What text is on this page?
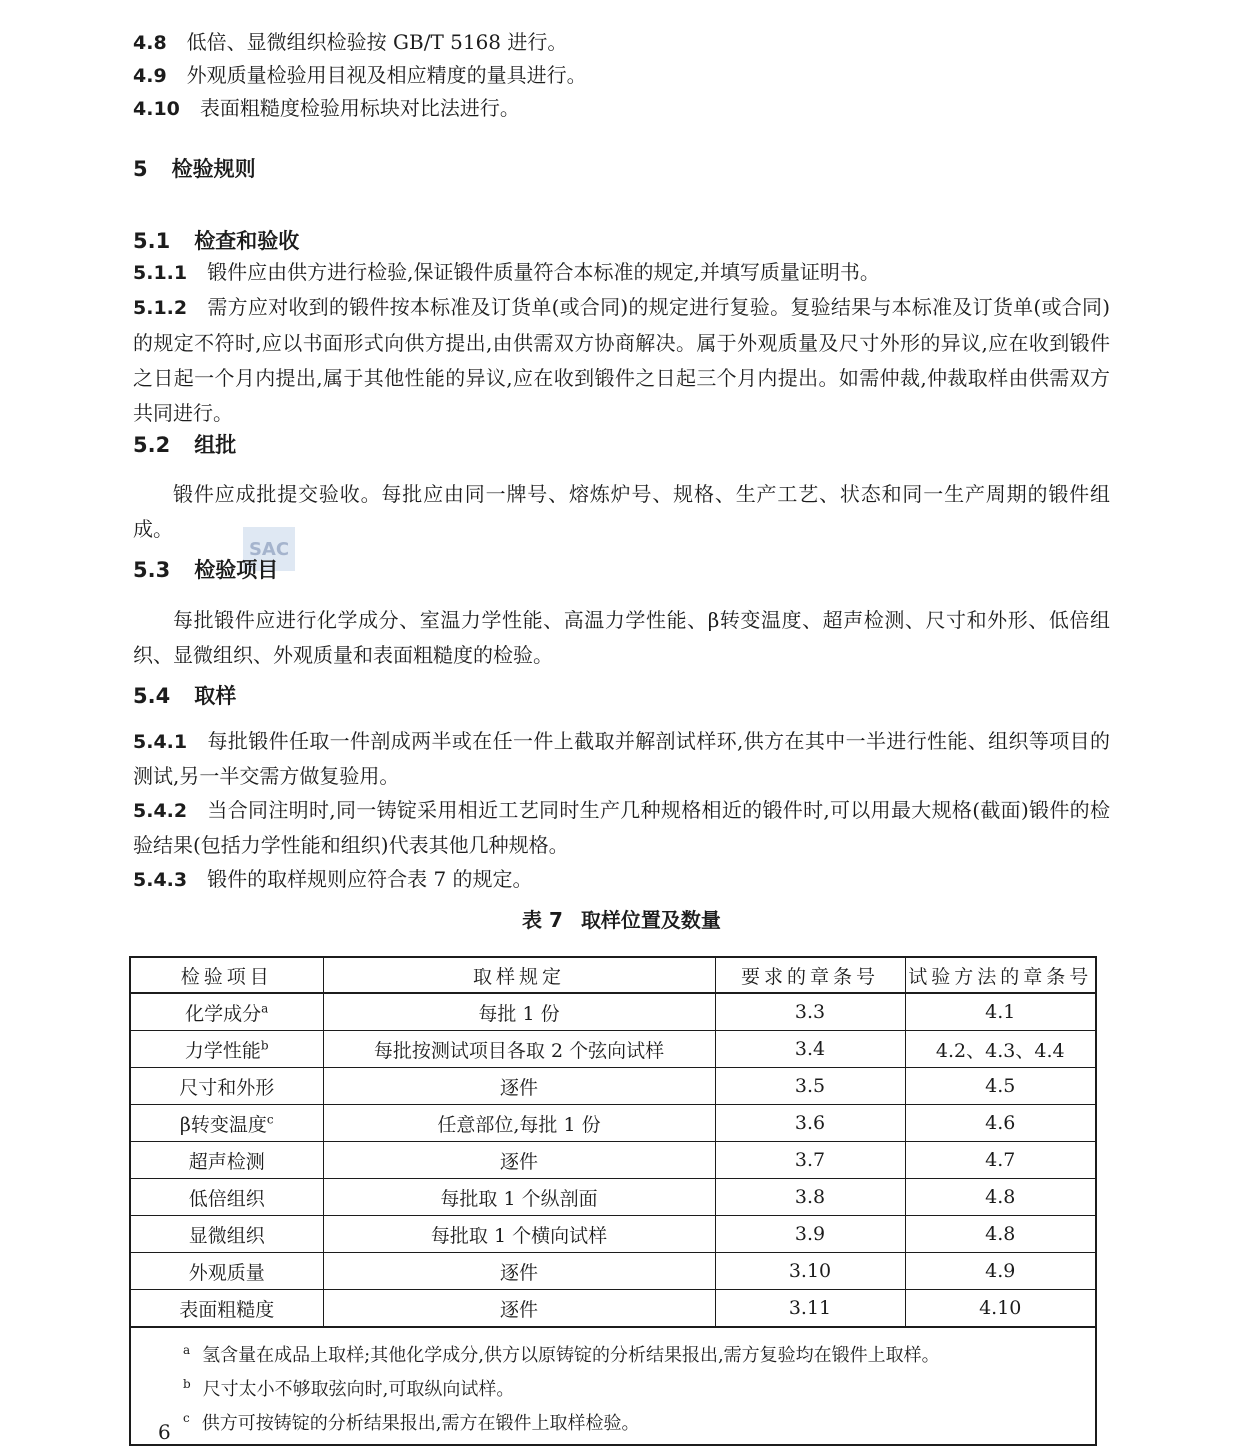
SAC
4.8 低倍、显微组织检验按 GB/T 5168 进行。
4.9 外观质量检验用目视及相应精度的量具进行。
4.10 表面粗糙度检验用标块对比法进行。
5 检验规则
5.1 检查和验收
5.1.1 锻件应由供方进行检验,保证锻件质量符合本标准的规定,并填写质量证明书。
5.1.2 需方应对收到的锻件按本标准及订货单(或合同)的规定进行复验。复验结果与本标准及订货单(或合同)的规定不符时,应以书面形式向供方提出,由供需双方协商解决。属于外观质量及尺寸外形的异议,应在收到锻件之日起一个月内提出,属于其他性能的异议,应在收到锻件之日起三个月内提出。如需仲裁,仲裁取样由供需双方共同进行。
5.2 组批
锻件应成批提交验收。每批应由同一牌号、熔炼炉号、规格、生产工艺、状态和同一生产周期的锻件组成。
5.3 检验项目
每批锻件应进行化学成分、室温力学性能、高温力学性能、β转变温度、超声检测、尺寸和外形、低倍组织、显微组织、外观质量和表面粗糙度的检验。
5.4 取样
5.4.1 每批锻件任取一件剖成两半或在任一件上截取并解剖试样环,供方在其中一半进行性能、组织等项目的测试,另一半交需方做复验用。
5.4.2 当合同注明时,同一铸锭采用相近工艺同时生产几种规格相近的锻件时,可以用最大规格(截面)锻件的检验结果(包括力学性能和组织)代表其他几种规格。
5.4.3 锻件的取样规则应符合表 7 的规定。
表 7 取样位置及数量
检验项目	取样规定	要求的章条号	试验方法的章条号
化学成分$^a$	每批 1 份	3.3	4.1
力学性能$^b$	每批按测试项目各取 2 个弦向试样	3.4	4.2、4.3、4.4
尺寸和外形	逐件	3.5	4.5
β转变温度$^c$	任意部位,每批 1 份	3.6	4.6
超声检测	逐件	3.7	4.7
低倍组织	每批取 1 个纵剖面	3.8	4.8
显微组织	每批取 1 个横向试样	3.9	4.8
外观质量	逐件	3.10	4.9
表面粗糙度	逐件	3.11	4.10

$^a$ 氢含量在成品上取样;其他化学成分,供方以原铸锭的分析结果报出,需方复验均在锻件上取样。
$^b$ 尺寸太小不够取弦向时,可取纵向试样。
$^c$ 供方可按铸锭的分析结果报出,需方在锻件上取样检验。			
6
